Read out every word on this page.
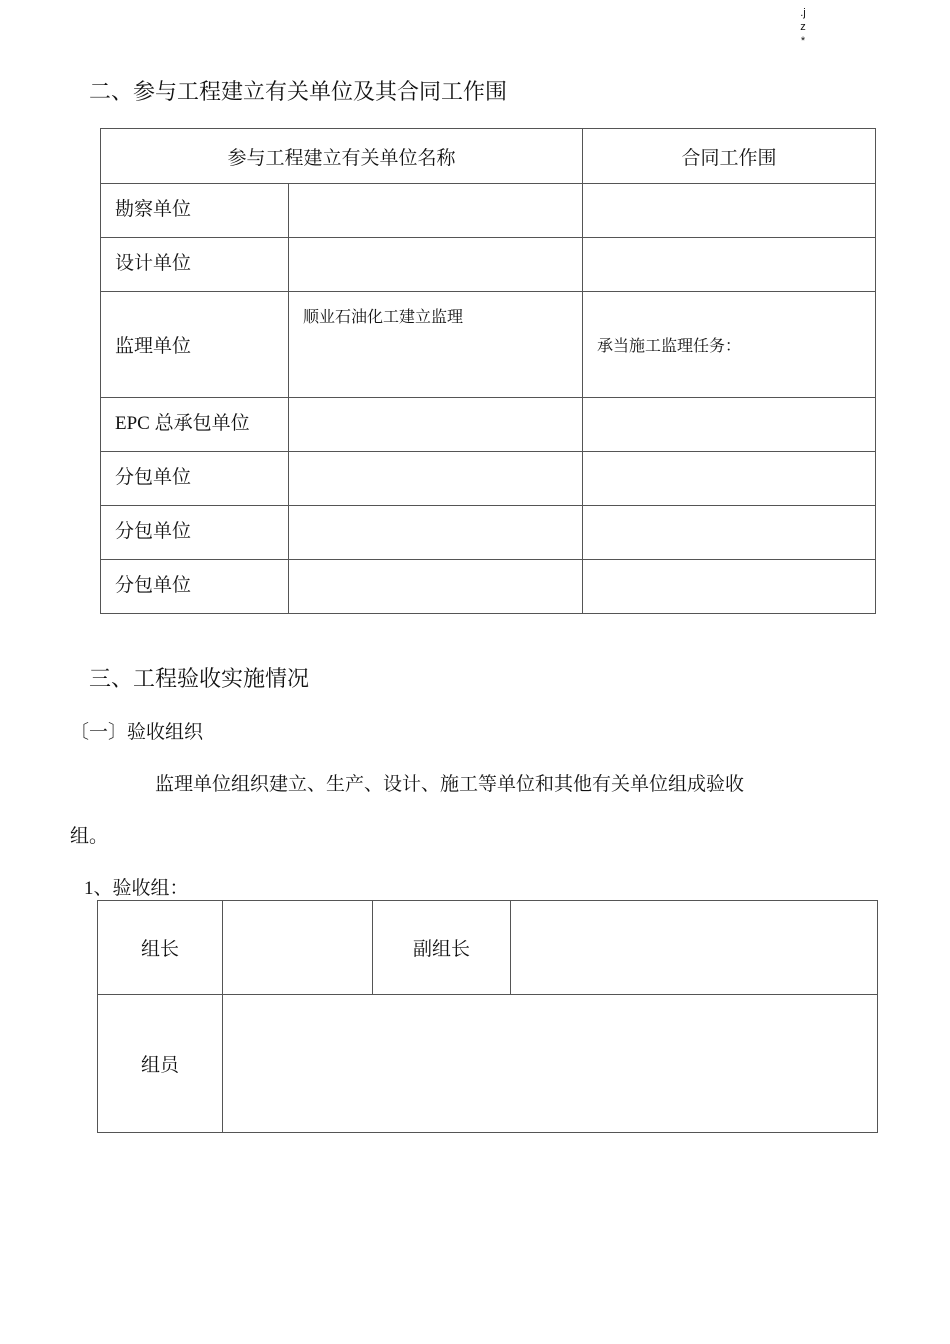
.j
z
*
二、参与工程建立有关单位及其合同工作围
参与工程建立有关单位名称		合同工作围
勘察单位		
设计单位		
监理单位	顺业石油化工建立监理	承当施工监理任务：
EPC 总承包单位		
分包单位		
分包单位		
分包单位		
三、工程验收实施情况
〔一〕验收组织
监理单位组织建立、生产、设计、施工等单位和其他有关单位组成验收
组。
1、验收组：
组长		副组长	
组员			
